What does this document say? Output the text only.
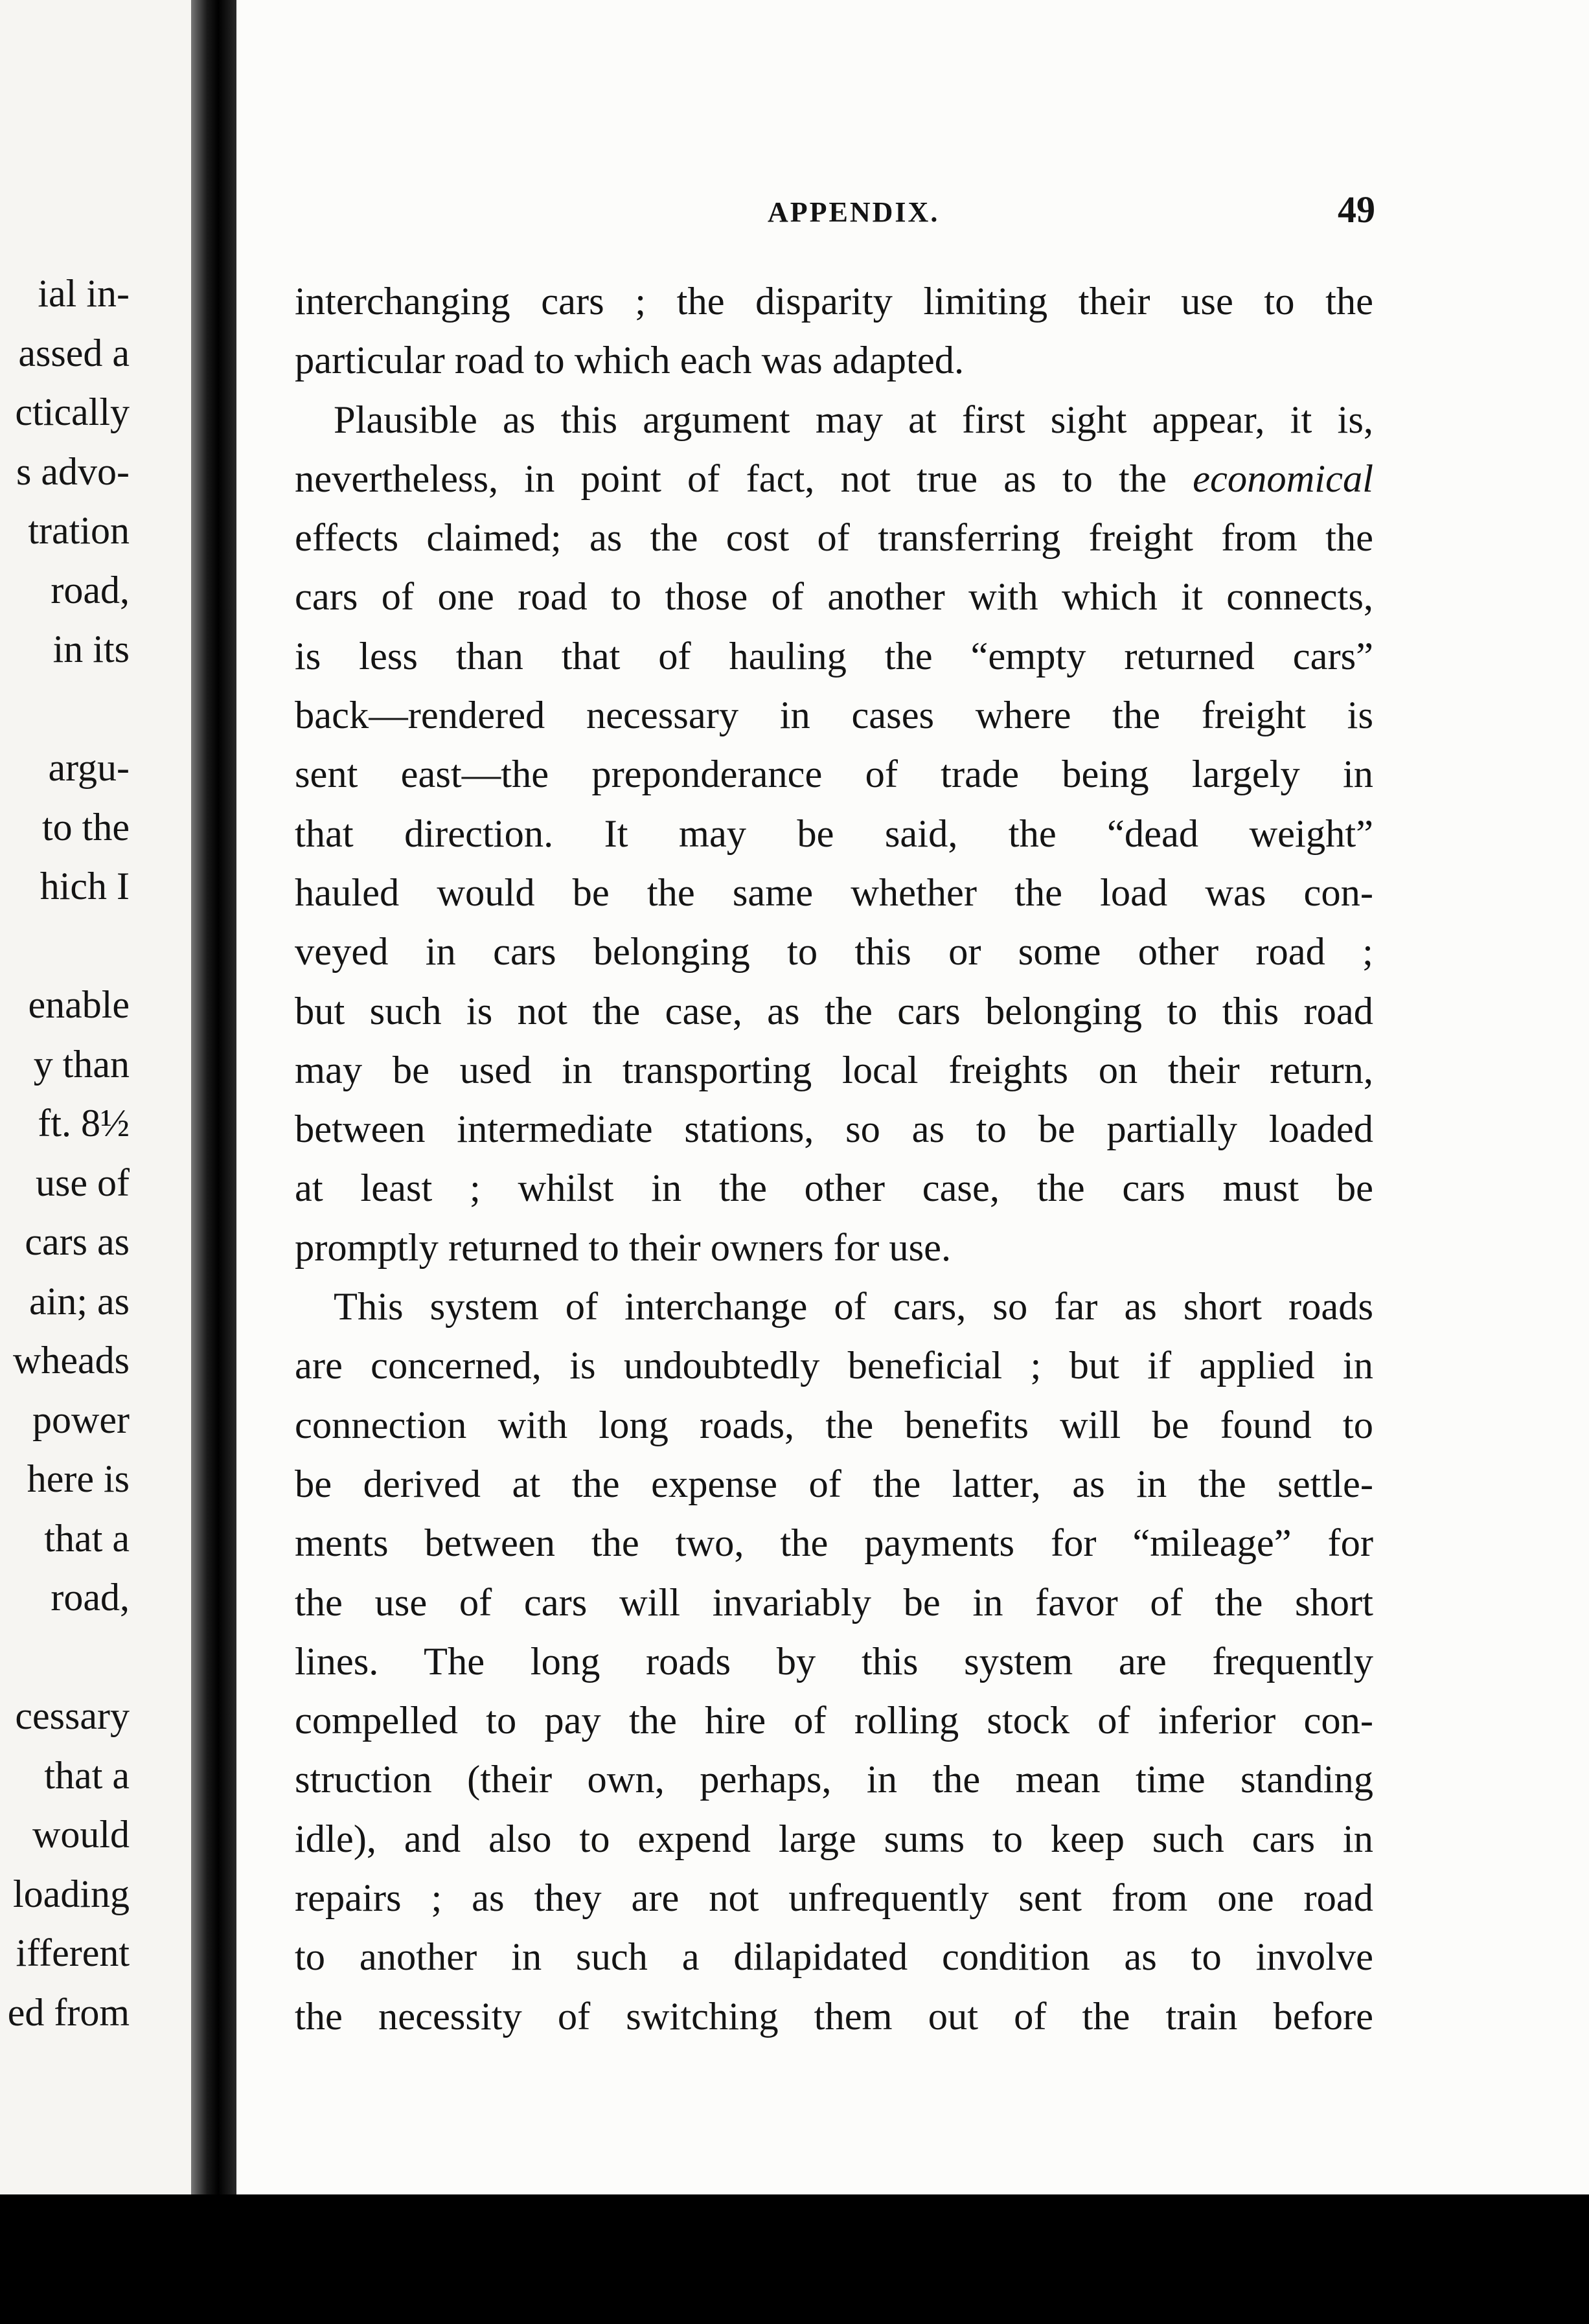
ial in-
assed a
ctically
s advo-
tration
road,
in its
argu-
to the
hich I
enable
y than
ft. 8½
use of
cars as
ain; as
wheads
power
here is
that a
road,
cessary
that a
would
loading
ifferent
ed from
APPENDIX.	49
interchanging cars ; the disparity limiting their use to the
particular road to which each was adapted.
Plausible as this argument may at first sight appear, it is,
nevertheless, in point of fact, not true as to the economical
effects claimed; as the cost of transferring freight from the
cars of one road to those of another with which it connects,
is less than that of hauling the “empty returned cars”
back—rendered necessary in cases where the freight is
sent east—the preponderance of trade being largely in
that direction. It may be said, the “dead weight”
hauled would be the same whether the load was con-
veyed in cars belonging to this or some other road ;
but such is not the case, as the cars belonging to this road
may be used in transporting local freights on their return,
between intermediate stations, so as to be partially loaded
at least ; whilst in the other case, the cars must be
promptly returned to their owners for use.
This system of interchange of cars, so far as short roads
are concerned, is undoubtedly beneficial ; but if applied in
connection with long roads, the benefits will be found to
be derived at the expense of the latter, as in the settle-
ments between the two, the payments for “mileage” for
the use of cars will invariably be in favor of the short
lines. The long roads by this system are frequently
compelled to pay the hire of rolling stock of inferior con-
struction (their own, perhaps, in the mean time standing
idle), and also to expend large sums to keep such cars in
repairs ; as they are not unfrequently sent from one road
to another in such a dilapidated condition as to involve
the necessity of switching them out of the train before
